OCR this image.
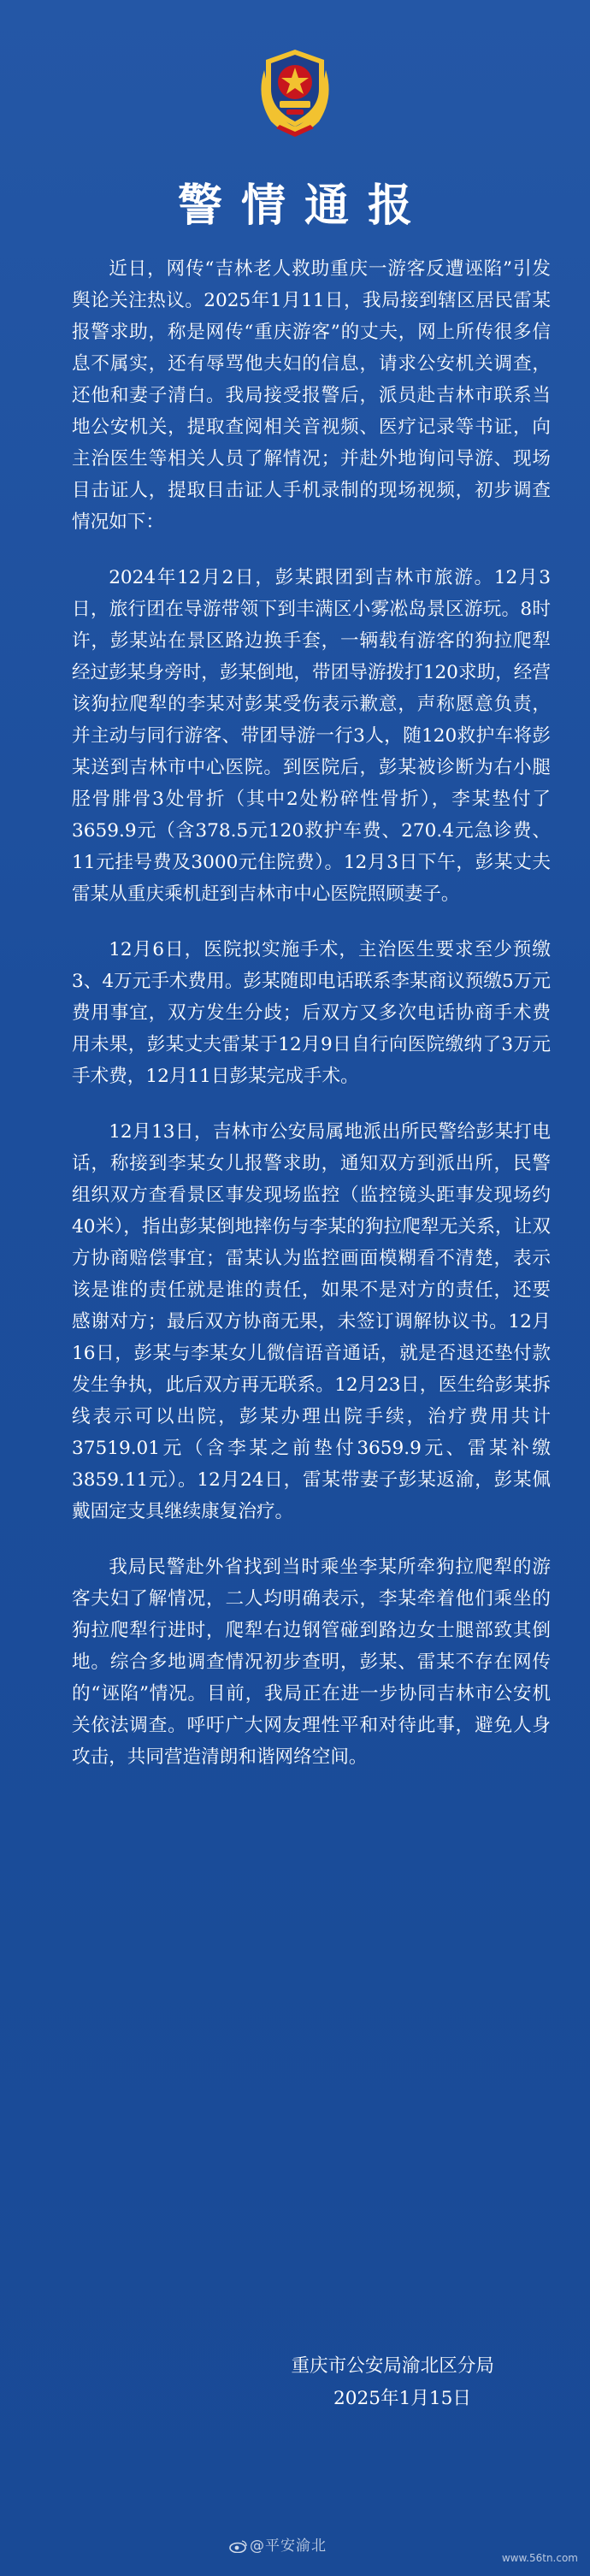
警情通报

近日，网传“吉林老人救助重庆一游客反遭诬陷”引发舆论关注热议。2025年1月11日，我局接到辖区居民雷某报警求助，称是网传“重庆游客”的丈夫，网上所传很多信息不属实，还有辱骂他夫妇的信息，请求公安机关调查，还他和妻子清白。我局接受报警后，派员赴吉林市联系当地公安机关，提取查阅相关音视频、医疗记录等书证，向主治医生等相关人员了解情况；并赴外地询问导游、现场目击证人，提取目击证人手机录制的现场视频，初步调查情况如下：

2024年12月2日，彭某跟团到吉林市旅游。12月3日，旅行团在导游带领下到丰满区小雾凇岛景区游玩。8时许，彭某站在景区路边换手套，一辆载有游客的狗拉爬犁经过彭某身旁时，彭某倒地，带团导游拨打120求助，经营该狗拉爬犁的李某对彭某受伤表示歉意，声称愿意负责，并主动与同行游客、带团导游一行3人，随120救护车将彭某送到吉林市中心医院。到医院后，彭某被诊断为右小腿胫骨腓骨3处骨折（其中2处粉碎性骨折），李某垫付了3659.9元（含378.5元120救护车费、270.4元急诊费、11元挂号费及3000元住院费）。12月3日下午，彭某丈夫雷某从重庆乘机赶到吉林市中心医院照顾妻子。

12月6日，医院拟实施手术，主治医生要求至少预缴3、4万元手术费用。彭某随即电话联系李某商议预缴5万元费用事宜，双方发生分歧；后双方又多次电话协商手术费用未果，彭某丈夫雷某于12月9日自行向医院缴纳了3万元手术费，12月11日彭某完成手术。

12月13日，吉林市公安局属地派出所民警给彭某打电话，称接到李某女儿报警求助，通知双方到派出所，民警组织双方查看景区事发现场监控（监控镜头距事发现场约40米），指出彭某倒地摔伤与李某的狗拉爬犁无关系，让双方协商赔偿事宜；雷某认为监控画面模糊看不清楚，表示该是谁的责任就是谁的责任，如果不是对方的责任，还要感谢对方；最后双方协商无果，未签订调解协议书。12月16日，彭某与李某女儿微信语音通话，就是否退还垫付款发生争执，此后双方再无联系。12月23日，医生给彭某拆线表示可以出院，彭某办理出院手续，治疗费用共计37519.01元（含李某之前垫付3659.9元、雷某补缴3859.11元）。12月24日，雷某带妻子彭某返渝，彭某佩戴固定支具继续康复治疗。

我局民警赴外省找到当时乘坐李某所牵狗拉爬犁的游客夫妇了解情况，二人均明确表示，李某牵着他们乘坐的狗拉爬犁行进时，爬犁右边钢管碰到路边女士腿部致其倒地。综合多地调查情况初步查明，彭某、雷某不存在网传的“诬陷”情况。目前，我局正在进一步协同吉林市公安机关依法调查。呼吁广大网友理性平和对待此事，避免人身攻击，共同营造清朗和谐网络空间。

重庆市公安局渝北区分局
2025年1月15日
@平安渝北
www.56tn.com
